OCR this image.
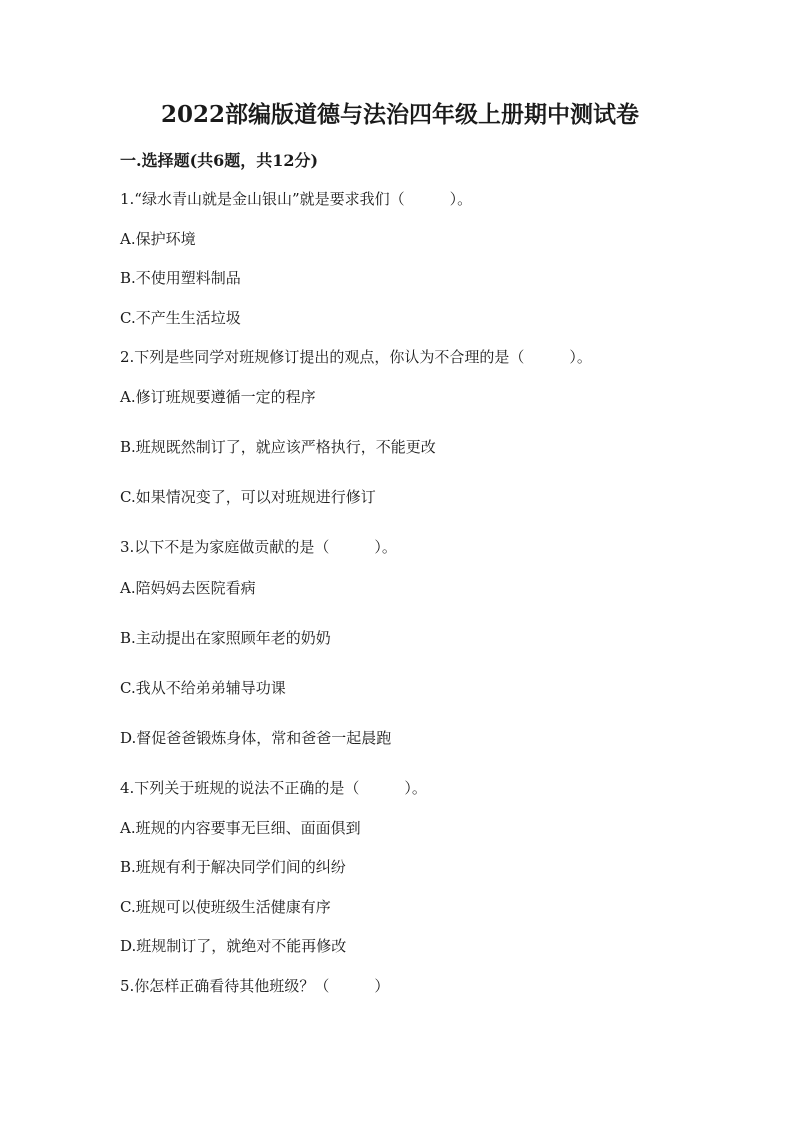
2022部编版道德与法治四年级上册期中测试卷
一.选择题(共6题，共12分)
1.“绿水青山就是金山银山”就是要求我们（　　　）。
A.保护环境
B.不使用塑料制品
C.不产生生活垃圾
2.下列是些同学对班规修订提出的观点，你认为不合理的是（　　　）。
A.修订班规要遵循一定的程序
B.班规既然制订了，就应该严格执行，不能更改
C.如果情况变了，可以对班规进行修订
3.以下不是为家庭做贡献的是（　　　）。
A.陪妈妈去医院看病
B.主动提出在家照顾年老的奶奶
C.我从不给弟弟辅导功课
D.督促爸爸锻炼身体，常和爸爸一起晨跑
4.下列关于班规的说法不正确的是（　　　）。
A.班规的内容要事无巨细、面面俱到
B.班规有利于解决同学们间的纠纷
C.班规可以使班级生活健康有序
D.班规制订了，就绝对不能再修改
5.你怎样正确看待其他班级？（　　　）
